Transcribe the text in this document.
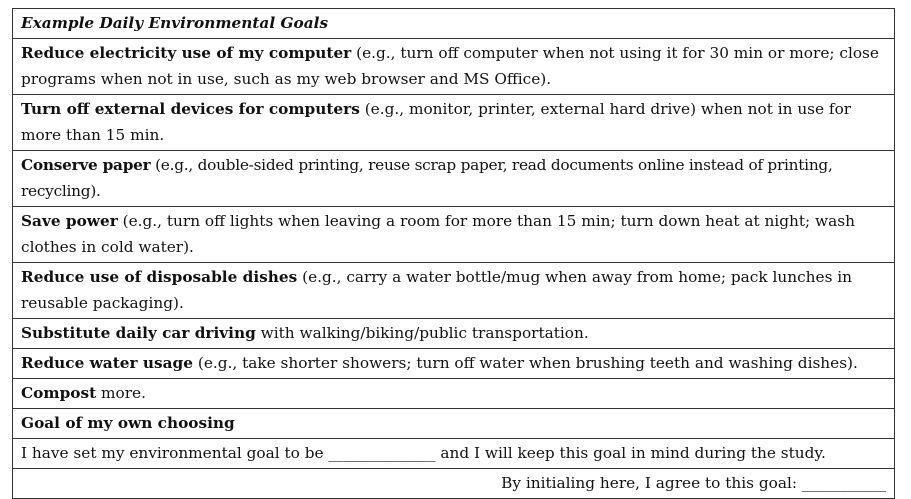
Example Daily Environmental Goals
Reduce electricity use of my computer (e.g., turn off computer when not using it for 30 min or more; close programs when not in use, such as my web browser and MS Office).
Turn off external devices for computers (e.g., monitor, printer, external hard drive) when not in use for more than 15 min.
Conserve paper (e.g., double-sided printing, reuse scrap paper, read documents online instead of printing, recycling).
Save power (e.g., turn off lights when leaving a room for more than 15 min; turn down heat at night; wash clothes in cold water).
Reduce use of disposable dishes (e.g., carry a water bottle/mug when away from home; pack lunches in reusable packaging).
Substitute daily car driving with walking/biking/public transportation.
Reduce water usage (e.g., take shorter showers; turn off water when brushing teeth and washing dishes).
Compost more.
Goal of my own choosing
I have set my environmental goal to be ______________ and I will keep this goal in mind during the study.
By initialing here, I agree to this goal: ___________
